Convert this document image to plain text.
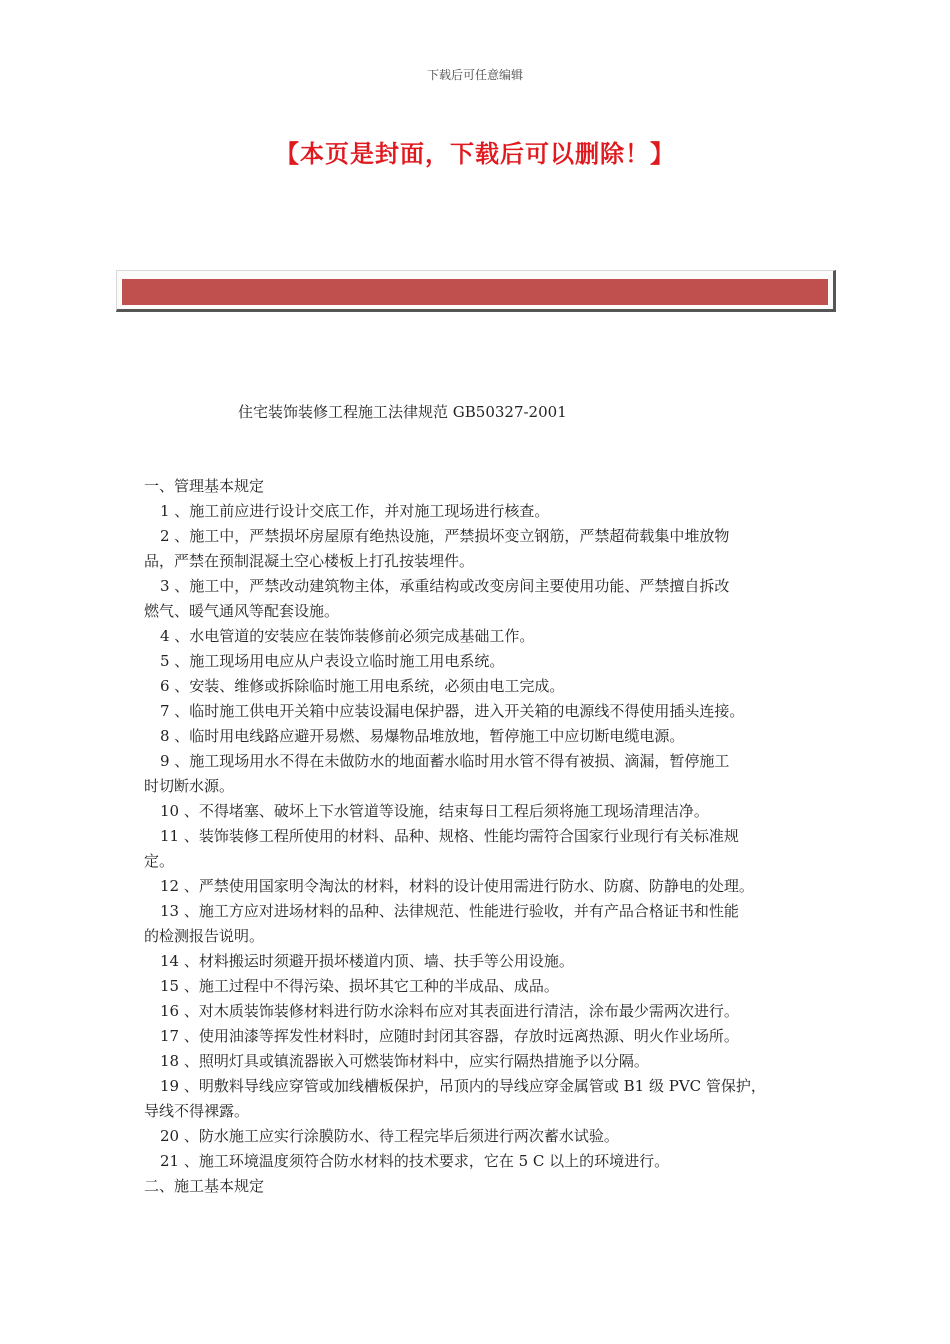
下载后可任意编辑
【本页是封面，下载后可以删除！】
住宅装饰装修工程施工法律规范 GB50327-2001
一、管理基本规定
1 、施工前应进行设计交底工作，并对施工现场进行核查。
2 、施工中，严禁损坏房屋原有绝热设施，严禁损坏变立钢筋，严禁超荷载集中堆放物
品，严禁在预制混凝土空心楼板上打孔按装埋件。
3 、施工中，严禁改动建筑物主体，承重结构或改变房间主要使用功能、严禁擅自拆改
燃气、暖气通风等配套设施。
4 、水电管道的安装应在装饰装修前必须完成基础工作。
5 、施工现场用电应从户表设立临时施工用电系统。
6 、安装、维修或拆除临时施工用电系统，必须由电工完成。
7 、临时施工供电开关箱中应装设漏电保护器，进入开关箱的电源线不得使用插头连接。
8 、临时用电线路应避开易燃、易爆物品堆放地，暂停施工中应切断电缆电源。
9 、施工现场用水不得在未做防水的地面蓄水临时用水管不得有被损、滴漏，暂停施工
时切断水源。
10 、不得堵塞、破坏上下水管道等设施，结束每日工程后须将施工现场清理洁净。
11 、装饰装修工程所使用的材料、品种、规格、性能均需符合国家行业现行有关标准规
定。
12 、严禁使用国家明令淘汰的材料，材料的设计使用需进行防水、防腐、防静电的处理。
13 、施工方应对进场材料的品种、法律规范、性能进行验收，并有产品合格证书和性能
的检测报告说明。
14 、材料搬运时须避开损坏楼道内顶、墙、扶手等公用设施。
15 、施工过程中不得污染、损坏其它工种的半成品、成品。
16 、对木质装饰装修材料进行防水涂料布应对其表面进行清洁，涂布最少需两次进行。
17 、使用油漆等挥发性材料时，应随时封闭其容器，存放时远离热源、明火作业场所。
18 、照明灯具或镇流器嵌入可燃装饰材料中，应实行隔热措施予以分隔。
19 、明敷料导线应穿管或加线槽板保护，吊顶内的导线应穿金属管或 B1 级 PVC 管保护，
导线不得裸露。
20 、防水施工应实行涂膜防水、待工程完毕后须进行两次蓄水试验。
21 、施工环境温度须符合防水材料的技术要求，它在 5 C 以上的环境进行。
二、施工基本规定
